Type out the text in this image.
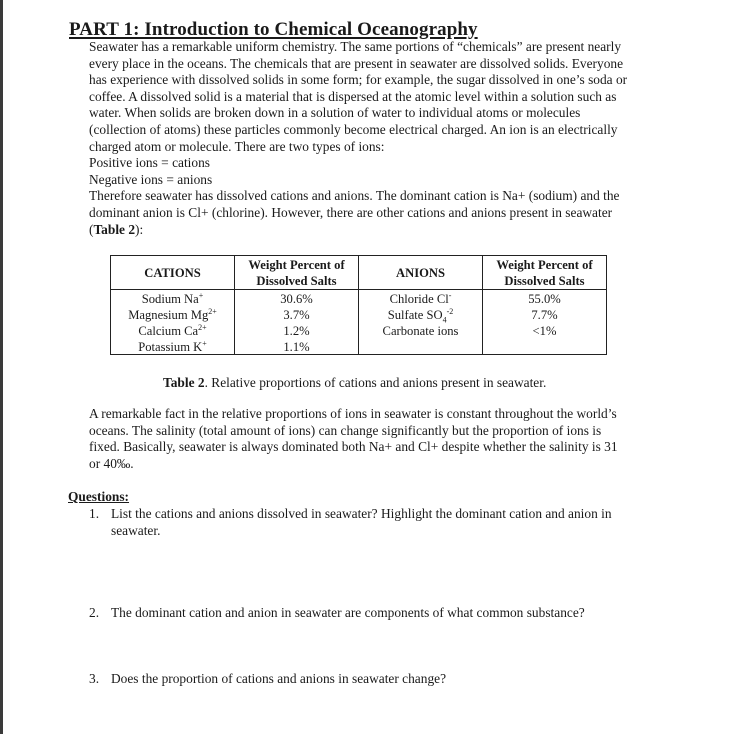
PART 1: Introduction to Chemical Oceanography
Seawater has a remarkable uniform chemistry. The same portions of “chemicals” are present nearly
every place in the oceans. The chemicals that are present in seawater are dissolved solids. Everyone
has experience with dissolved solids in some form; for example, the sugar dissolved in one’s soda or
coffee. A dissolved solid is a material that is dispersed at the atomic level within a solution such as
water. When solids are broken down in a solution of water to individual atoms or molecules
(collection of atoms) these particles commonly become electrical charged. An ion is an electrically
charged atom or molecule. There are two types of ions:
Positive ions = cations
Negative ions = anions
Therefore seawater has dissolved cations and anions. The dominant cation is Na+ (sodium) and the
dominant anion is Cl+ (chlorine). However, there are other cations and anions present in seawater
(Table 2):
CATIONS	Weight Percent of
Dissolved Salts	ANIONS	Weight Percent of
Dissolved Salts
Sodium Na+	30.6%	Chloride Cl-	55.0%
Magnesium $Mg^{2+}$	3.7%	Sulfate $SO_4^{-2}$	7.7%
Calcium $Ca^{2+}$	1.2%	Carbonate ions	<1%
Potassium K+	1.1%		
Table 2. Relative proportions of cations and anions present in seawater.
A remarkable fact in the relative proportions of ions in seawater is constant throughout the world’s
oceans. The salinity (total amount of ions) can change significantly but the proportion of ions is
fixed. Basically, seawater is always dominated both Na+ and Cl+ despite whether the salinity is 31
or 40‰.
Questions:
1. List the cations and anions dissolved in seawater? Highlight the dominant cation and anion in
seawater.
2. The dominant cation and anion in seawater are components of what common substance?
3. Does the proportion of cations and anions in seawater change?
